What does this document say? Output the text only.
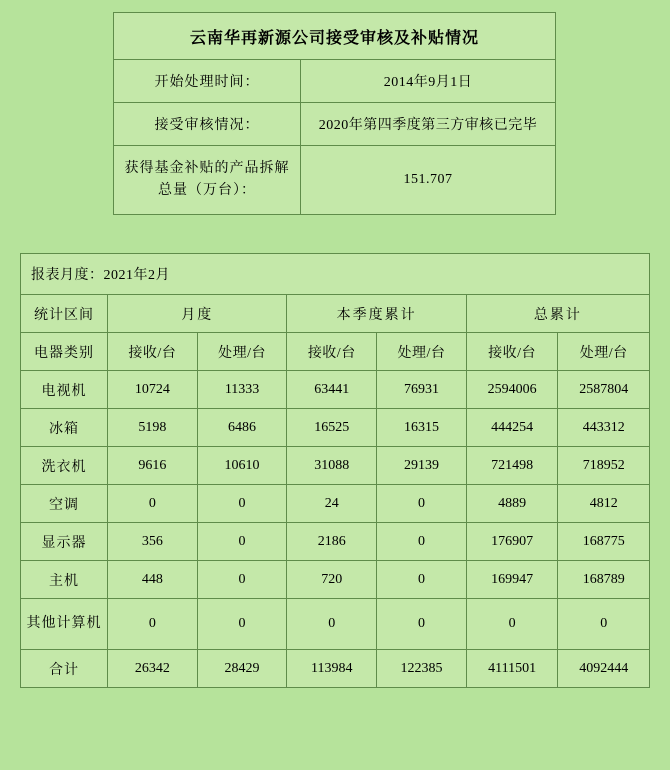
云南华再新源公司接受审核及补贴情况	
开始处理时间：	2014年9月1日
接受审核情况：	2020年第四季度第三方审核已完毕
获得基金补贴的产品拆解总量（万台）：	151.707
报表月度：2021年2月						
统计区间	月度		本季度累计		总累计	
电器类别	接收/台	处理/台	接收/台	处理/台	接收/台	处理/台
电视机	10724	11333	63441	76931	2594006	2587804
冰箱	5198	6486	16525	16315	444254	443312
洗衣机	9616	10610	31088	29139	721498	718952
空调	0	0	24	0	4889	4812
显示器	356	0	2186	0	176907	168775
主机	448	0	720	0	169947	168789
其他计算机	0	0	0	0	0	0
合计	26342	28429	113984	122385	4111501	4092444
